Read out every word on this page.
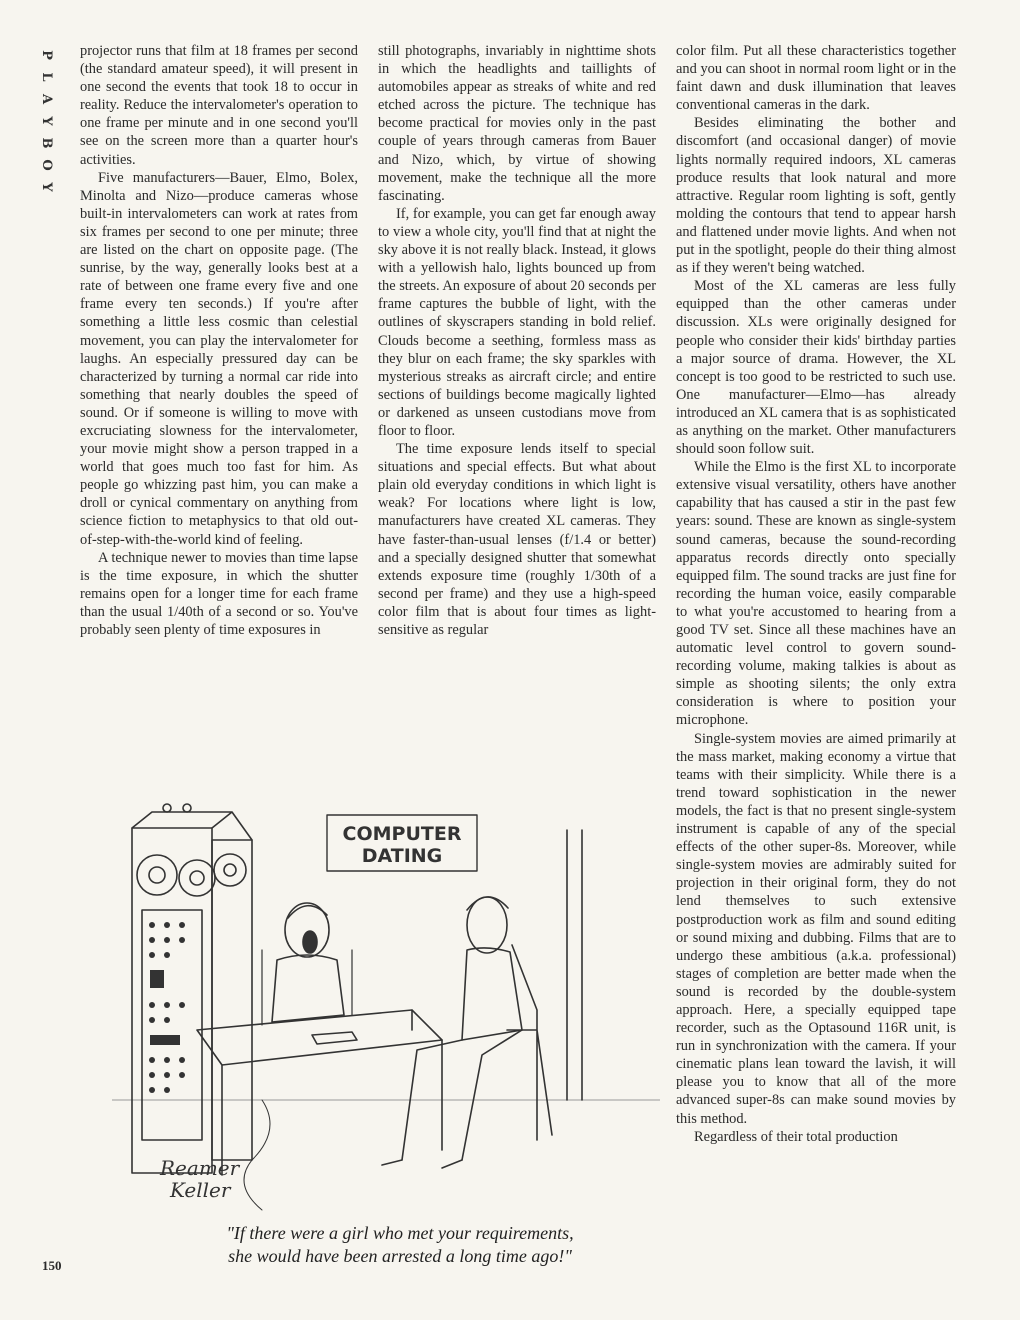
P
L
A
Y
B
O
Y

projector runs that film at 18 frames per second (the standard amateur speed), it will present in one second the events that took 18 to occur in reality. Reduce the intervalometer's operation to one frame per minute and in one second you'll see on the screen more than a quarter hour's activities.

Five manufacturers—Bauer, Elmo, Bolex, Minolta and Nizo—produce cameras whose built-in intervalometers can work at rates from six frames per second to one per minute; three are listed on the chart on opposite page. (The sunrise, by the way, generally looks best at a rate of between one frame every five and one frame every ten seconds.) If you're after something a little less cosmic than celestial movement, you can play the intervalometer for laughs. An especially pressured day can be characterized by turning a normal car ride into something that nearly doubles the speed of sound. Or if someone is willing to move with excruciating slowness for the intervalometer, your movie might show a person trapped in a world that goes much too fast for him. As people go whizzing past him, you can make a droll or cynical commentary on anything from science fiction to metaphysics to that old out-of-step-with-the-world kind of feeling.

A technique newer to movies than time lapse is the time exposure, in which the shutter remains open for a longer time for each frame than the usual 1/40th of a second or so. You've probably seen plenty of time exposures in

still photographs, invariably in nighttime shots in which the headlights and taillights of automobiles appear as streaks of white and red etched across the picture. The technique has become practical for movies only in the past couple of years through cameras from Bauer and Nizo, which, by virtue of showing movement, make the technique all the more fascinating.

If, for example, you can get far enough away to view a whole city, you'll find that at night the sky above it is not really black. Instead, it glows with a yellowish halo, lights bounced up from the streets. An exposure of about 20 seconds per frame captures the bubble of light, with the outlines of skyscrapers standing in bold relief. Clouds become a seething, formless mass as they blur on each frame; the sky sparkles with mysterious streaks as aircraft circle; and entire sections of buildings become magically lighted or darkened as unseen custodians move from floor to floor.

The time exposure lends itself to special situations and special effects. But what about plain old everyday conditions in which light is weak? For locations where light is low, manufacturers have created XL cameras. They have faster-than-usual lenses (f/1.4 or better) and a specially designed shutter that somewhat extends exposure time (roughly 1/30th of a second per frame) and they use a high-speed color film that is about four times as light-sensitive as regular

color film. Put all these characteristics together and you can shoot in normal room light or in the faint dawn and dusk illumination that leaves conventional cameras in the dark.

Besides eliminating the bother and discomfort (and occasional danger) of movie lights normally required indoors, XL cameras produce results that look natural and more attractive. Regular room lighting is soft, gently molding the contours that tend to appear harsh and flattened under movie lights. And when not put in the spotlight, people do their thing almost as if they weren't being watched.

Most of the XL cameras are less fully equipped than the other cameras under discussion. XLs were originally designed for people who consider their kids' birthday parties a major source of drama. However, the XL concept is too good to be restricted to such use. One manufacturer—Elmo—has already introduced an XL camera that is as sophisticated as anything on the market. Other manufacturers should soon follow suit.

While the Elmo is the first XL to incorporate extensive visual versatility, others have another capability that has caused a stir in the past few years: sound. These are known as single-system sound cameras, because the sound-recording apparatus records directly onto specially equipped film. The sound tracks are just fine for recording the human voice, easily comparable to what you're accustomed to hearing from a good TV set. Since all these machines have an automatic level control to govern sound-recording volume, making talkies is about as simple as shooting silents; the only extra consideration is where to position your microphone.

Single-system movies are aimed primarily at the mass market, making economy a virtue that teams with their simplicity. While there is a trend toward sophistication in the newer models, the fact is that no present single-system instrument is capable of any of the special effects of the other super-8s. Moreover, while single-system movies are admirably suited for projection in their original form, they do not lend themselves to such extensive postproduction work as film and sound editing or sound mixing and dubbing. Films that are to undergo these ambitious (a.k.a. professional) stages of completion are better made when the sound is recorded by the double-system approach. Here, a specially equipped tape recorder, such as the Optasound 116R unit, is run in synchronization with the camera. If your cinematic plans lean toward the lavish, it will please you to know that all of the more advanced super-8s can make sound movies by this method.

Regardless of their total production

COMPUTER
DATING
Reamer
Keller
"If there were a girl who met your requirements,
she would have been arrested a long time ago!"
150
